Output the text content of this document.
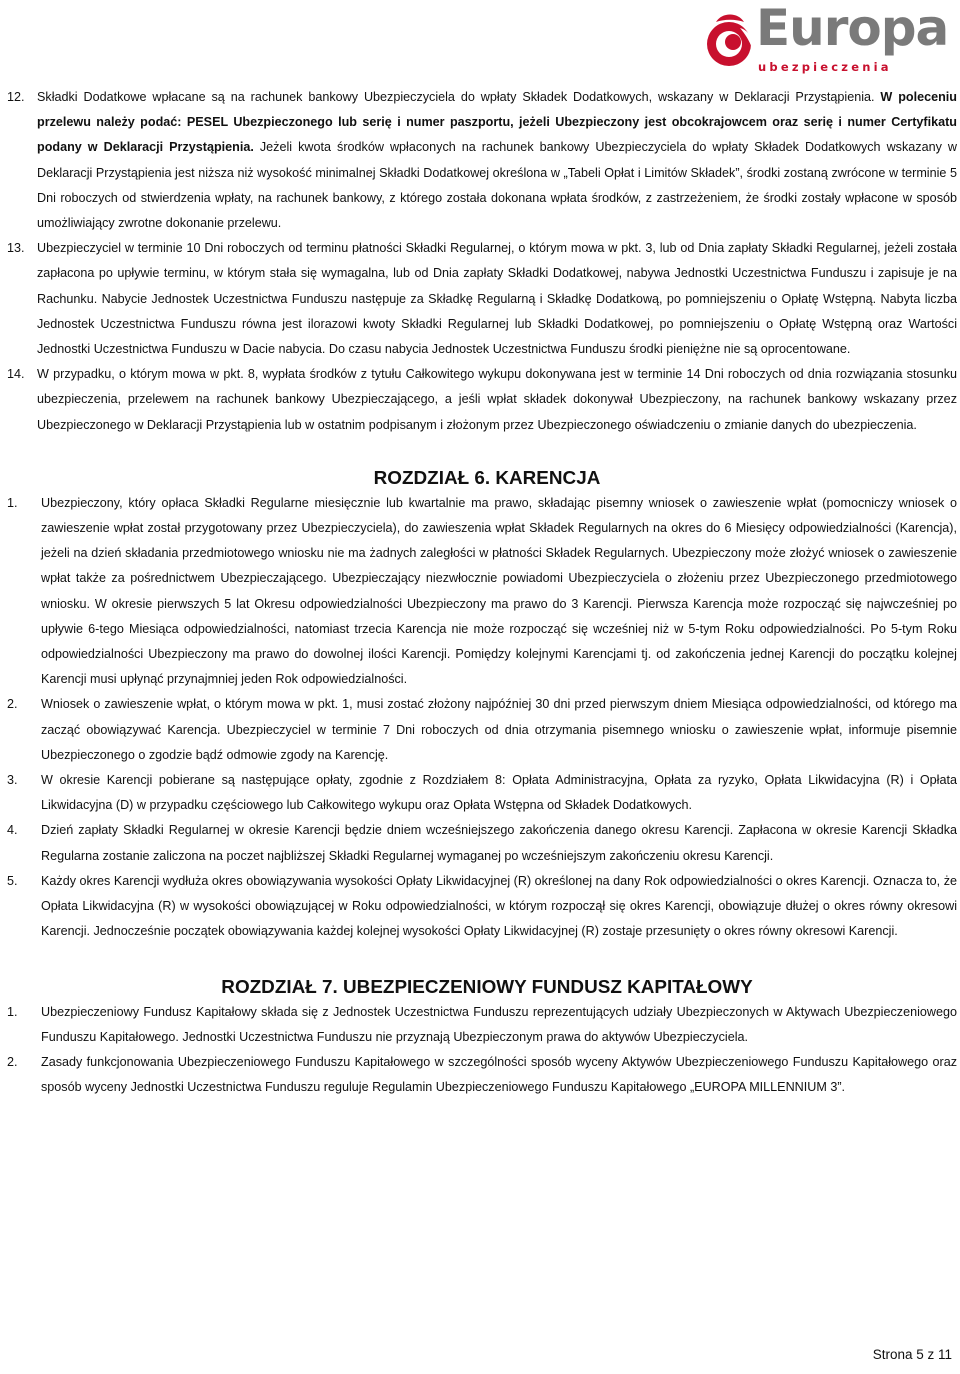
Europa
ubezpieczenia
12. Składki Dodatkowe wpłacane są na rachunek bankowy Ubezpieczyciela do wpłaty Składek Dodatkowych, wskazany w Deklaracji Przystąpienia. W poleceniu przelewu należy podać: PESEL Ubezpieczonego lub serię i numer paszportu, jeżeli Ubezpieczony jest obcokrajowcem oraz serię i numer Certyfikatu podany w Deklaracji Przystąpienia. Jeżeli kwota środków wpłaconych na rachunek bankowy Ubezpieczyciela do wpłaty Składek Dodatkowych wskazany w Deklaracji Przystąpienia jest niższa niż wysokość minimalnej Składki Dodatkowej określona w „Tabeli Opłat i Limitów Składek”, środki zostaną zwrócone w terminie 5 Dni roboczych od stwierdzenia wpłaty, na rachunek bankowy, z którego została dokonana wpłata środków, z zastrzeżeniem, że środki zostały wpłacone w sposób umożliwiający zwrotne dokonanie przelewu.

13. Ubezpieczyciel w terminie 10 Dni roboczych od terminu płatności Składki Regularnej, o którym mowa w pkt. 3, lub od Dnia zapłaty Składki Regularnej, jeżeli została zapłacona po upływie terminu, w którym stała się wymagalna, lub od Dnia zapłaty Składki Dodatkowej, nabywa Jednostki Uczestnictwa Funduszu i zapisuje je na Rachunku. Nabycie Jednostek Uczestnictwa Funduszu następuje za Składkę Regularną i Składkę Dodatkową, po pomniejszeniu o Opłatę Wstępną. Nabyta liczba Jednostek Uczestnictwa Funduszu równa jest ilorazowi kwoty Składki Regularnej lub Składki Dodatkowej, po pomniejszeniu o Opłatę Wstępną oraz Wartości Jednostki Uczestnictwa Funduszu w Dacie nabycia. Do czasu nabycia Jednostek Uczestnictwa Funduszu środki pieniężne nie są oprocentowane.

14. W przypadku, o którym mowa w pkt. 8, wypłata środków z tytułu Całkowitego wykupu dokonywana jest w terminie 14 Dni roboczych od dnia rozwiązania stosunku ubezpieczenia, przelewem na rachunek bankowy Ubezpieczającego, a jeśli wpłat składek dokonywał Ubezpieczony, na rachunek bankowy wskazany przez Ubezpieczonego w Deklaracji Przystąpienia lub w ostatnim podpisanym i złożonym przez Ubezpieczonego oświadczeniu o zmianie danych do ubezpieczenia.

ROZDZIAŁ 6. KARENCJA
1. Ubezpieczony, który opłaca Składki Regularne miesięcznie lub kwartalnie ma prawo, składając pisemny wniosek o zawieszenie wpłat (pomocniczy wniosek o zawieszenie wpłat został przygotowany przez Ubezpieczyciela), do zawieszenia wpłat Składek Regularnych na okres do 6 Miesięcy odpowiedzialności (Karencja), jeżeli na dzień składania przedmiotowego wniosku nie ma żadnych zaległości w płatności Składek Regularnych. Ubezpieczony może złożyć wniosek o zawieszenie wpłat także za pośrednictwem Ubezpieczającego. Ubezpieczający niezwłocznie powiadomi Ubezpieczyciela o złożeniu przez Ubezpieczonego przedmiotowego wniosku. W okresie pierwszych 5 lat Okresu odpowiedzialności Ubezpieczony ma prawo do 3 Karencji. Pierwsza Karencja może rozpocząć się najwcześniej po upływie 6-tego Miesiąca odpowiedzialności, natomiast trzecia Karencja nie może rozpocząć się wcześniej niż w 5-tym Roku odpowiedzialności. Po 5-tym Roku odpowiedzialności Ubezpieczony ma prawo do dowolnej ilości Karencji. Pomiędzy kolejnymi Karencjami tj. od zakończenia jednej Karencji do początku kolejnej Karencji musi upłynąć przynajmniej jeden Rok odpowiedzialności.

2. Wniosek o zawieszenie wpłat, o którym mowa w pkt. 1, musi zostać złożony najpóźniej 30 dni przed pierwszym dniem Miesiąca odpowiedzialności, od którego ma zacząć obowiązywać Karencja. Ubezpieczyciel w terminie 7 Dni roboczych od dnia otrzymania pisemnego wniosku o zawieszenie wpłat, informuje pisemnie Ubezpieczonego o zgodzie bądź odmowie zgody na Karencję.

3. W okresie Karencji pobierane są następujące opłaty, zgodnie z Rozdziałem 8: Opłata Administracyjna, Opłata za ryzyko, Opłata Likwidacyjna (R) i Opłata Likwidacyjna (D) w przypadku częściowego lub Całkowitego wykupu oraz Opłata Wstępna od Składek Dodatkowych.

4. Dzień zapłaty Składki Regularnej w okresie Karencji będzie dniem wcześniejszego zakończenia danego okresu Karencji. Zapłacona w okresie Karencji Składka Regularna zostanie zaliczona na poczet najbliższej Składki Regularnej wymaganej po wcześniejszym zakończeniu okresu Karencji.

5. Każdy okres Karencji wydłuża okres obowiązywania wysokości Opłaty Likwidacyjnej (R) określonej na dany Rok odpowiedzialności o okres Karencji. Oznacza to, że Opłata Likwidacyjna (R) w wysokości obowiązującej w Roku odpowiedzialności, w którym rozpoczął się okres Karencji, obowiązuje dłużej o okres równy okresowi Karencji. Jednocześnie początek obowiązywania każdej kolejnej wysokości Opłaty Likwidacyjnej (R) zostaje przesunięty o okres równy okresowi Karencji.

ROZDZIAŁ 7. UBEZPIECZENIOWY FUNDUSZ KAPITAŁOWY
1. Ubezpieczeniowy Fundusz Kapitałowy składa się z Jednostek Uczestnictwa Funduszu reprezentujących udziały Ubezpieczonych w Aktywach Ubezpieczeniowego Funduszu Kapitałowego. Jednostki Uczestnictwa Funduszu nie przyznają Ubezpieczonym prawa do aktywów Ubezpieczyciela.

2. Zasady funkcjonowania Ubezpieczeniowego Funduszu Kapitałowego w szczególności sposób wyceny Aktywów Ubezpieczeniowego Funduszu Kapitałowego oraz sposób wyceny Jednostki Uczestnictwa Funduszu reguluje Regulamin Ubezpieczeniowego Funduszu Kapitałowego „EUROPA MILLENNIUM 3”.

Strona 5 z 11
